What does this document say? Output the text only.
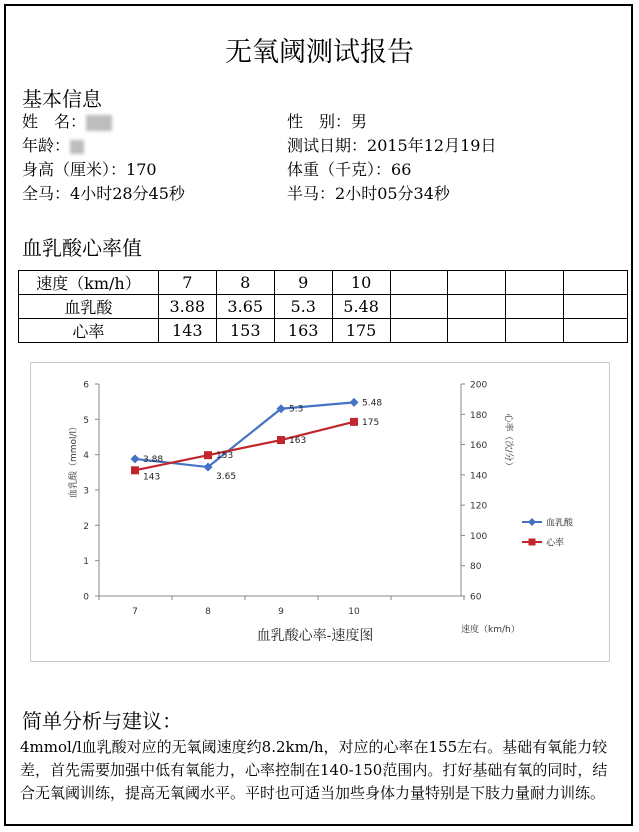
无氧阈测试报告
基本信息
姓　名：	性　别：男
年龄：	测试日期：2015年12月19日
身高（厘米）：170	体重（千克）：66
全马：4小时28分45秒	半马：2小时05分34秒
血乳酸心率值
速度（km/h）	7	8	9	10				
血乳酸	3.88	3.65	5.3	5.48				
心率	143	153	163	175				
0
1
2
3
4
5
6
60
80
100
120
140
160
180
200
7	8	9	10
血乳酸（mmol/l）	心率（次/分）
速度（km/h）
血乳酸心率-速度图
3.88
3.65
5.3
5.48
血乳酸
143
153
163
175
心率
简单分析与建议：
4mmol/l血乳酸对应的无氧阈速度约8.2km/h，对应的心率在155左右。基础有氧能力较差，首先需要加强中低有氧能力，心率控制在140-150范围内。打好基础有氧的同时，结合无氧阈训练，提高无氧阈水平。平时也可适当加些身体力量特别是下肢力量耐力训练。
